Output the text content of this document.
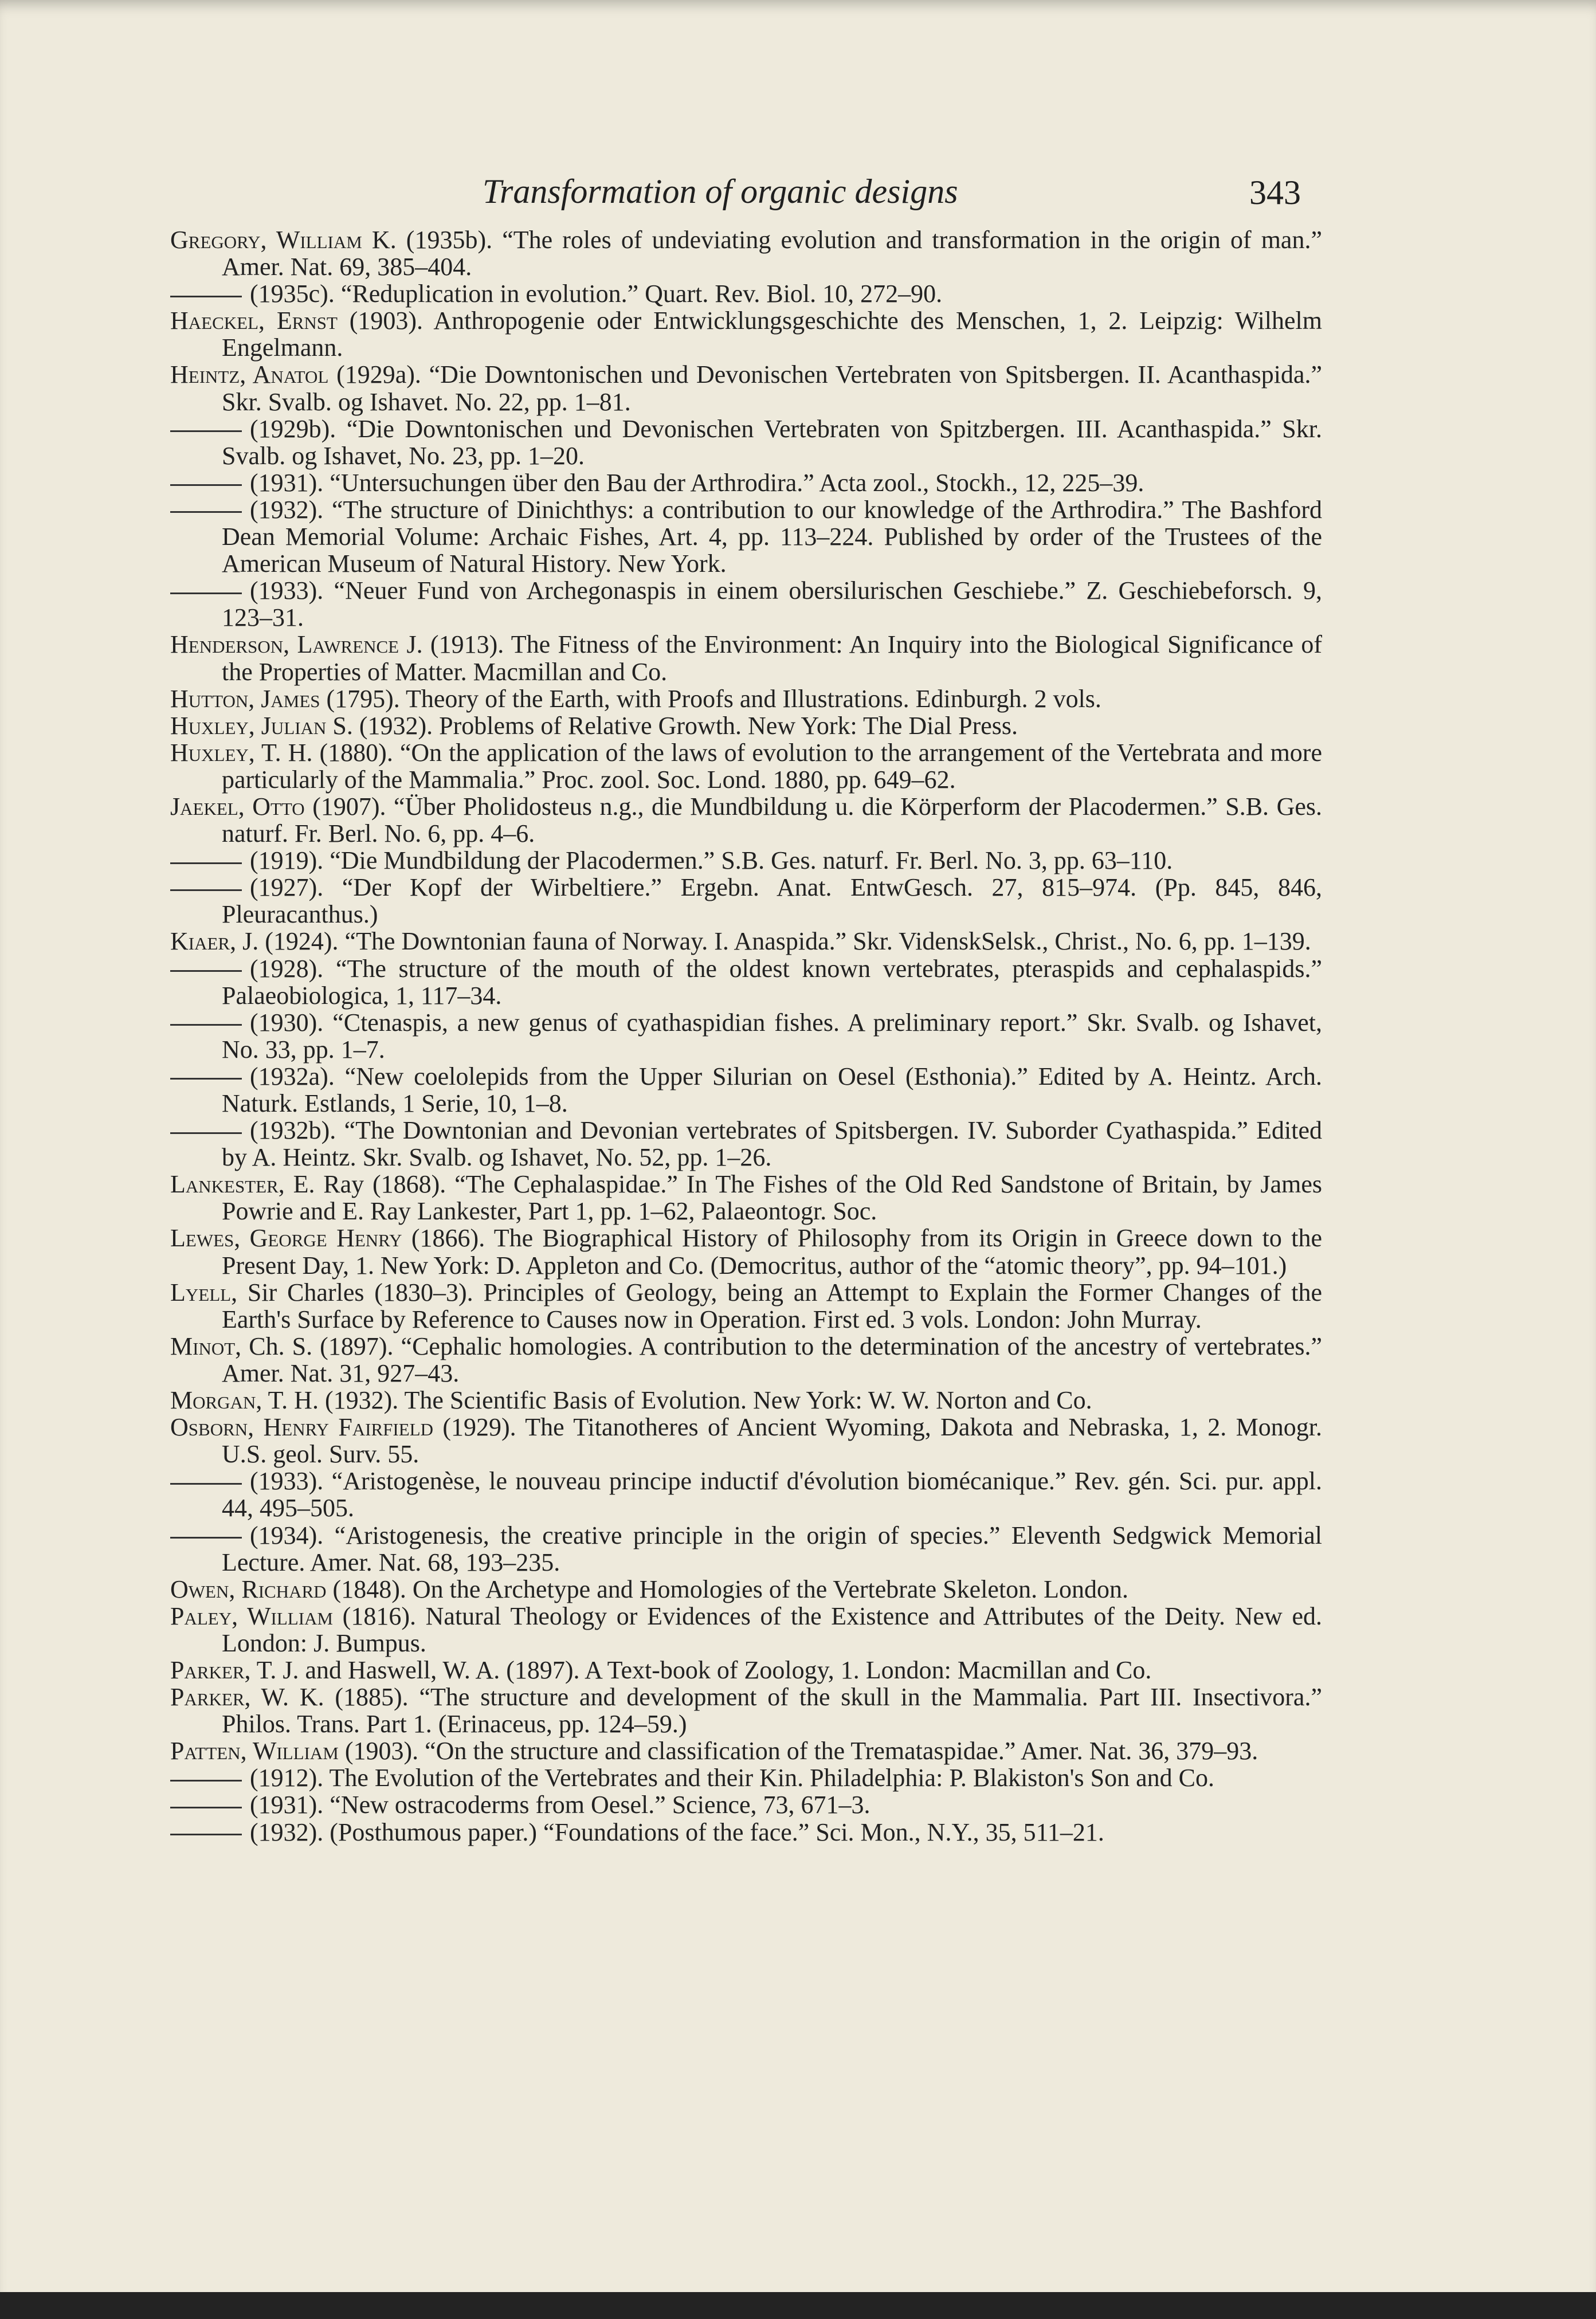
Transformation of organic designs	343

Gregory, William K. (1935b). “The roles of undeviating evolution and transformation in the origin of man.” Amer. Nat. 69, 385–404.

(1935c). “Reduplication in evolution.” Quart. Rev. Biol. 10, 272–90.

Haeckel, Ernst (1903). Anthropogenie oder Entwicklungsgeschichte des Menschen, 1, 2. Leipzig: Wilhelm Engelmann.

Heintz, Anatol (1929a). “Die Downtonischen und Devonischen Vertebraten von Spitsbergen. II. Acanthaspida.” Skr. Svalb. og Ishavet. No. 22, pp. 1–81.

(1929b). “Die Downtonischen und Devonischen Vertebraten von Spitzbergen. III. Acanthaspida.” Skr. Svalb. og Ishavet, No. 23, pp. 1–20.

(1931). “Untersuchungen über den Bau der Arthrodira.” Acta zool., Stockh., 12, 225–39.

(1932). “The structure of Dinichthys: a contribution to our knowledge of the Arthrodira.” The Bashford Dean Memorial Volume: Archaic Fishes, Art. 4, pp. 113–224. Published by order of the Trustees of the American Museum of Natural History. New York.

(1933). “Neuer Fund von Archegonaspis in einem obersilurischen Geschiebe.” Z. Geschiebeforsch. 9, 123–31.

Henderson, Lawrence J. (1913). The Fitness of the Environment: An Inquiry into the Biological Significance of the Properties of Matter. Macmillan and Co.

Hutton, James (1795). Theory of the Earth, with Proofs and Illustrations. Edinburgh. 2 vols.

Huxley, Julian S. (1932). Problems of Relative Growth. New York: The Dial Press.

Huxley, T. H. (1880). “On the application of the laws of evolution to the arrangement of the Vertebrata and more particularly of the Mammalia.” Proc. zool. Soc. Lond. 1880, pp. 649–62.

Jaekel, Otto (1907). “Über Pholidosteus n.g., die Mundbildung u. die Körperform der Placodermen.” S.B. Ges. naturf. Fr. Berl. No. 6, pp. 4–6.

(1919). “Die Mundbildung der Placodermen.” S.B. Ges. naturf. Fr. Berl. No. 3, pp. 63–110.

(1927). “Der Kopf der Wirbeltiere.” Ergebn. Anat. EntwGesch. 27, 815–974. (Pp. 845, 846, Pleuracanthus.)

Kiaer, J. (1924). “The Downtonian fauna of Norway. I. Anaspida.” Skr. VidenskSelsk., Christ., No. 6, pp. 1–139.

(1928). “The structure of the mouth of the oldest known vertebrates, pteraspids and cephalaspids.” Palaeobiologica, 1, 117–34.

(1930). “Ctenaspis, a new genus of cyathaspidian fishes. A preliminary report.” Skr. Svalb. og Ishavet, No. 33, pp. 1–7.

(1932a). “New coelolepids from the Upper Silurian on Oesel (Esthonia).” Edited by A. Heintz. Arch. Naturk. Estlands, 1 Serie, 10, 1–8.

(1932b). “The Downtonian and Devonian vertebrates of Spitsbergen. IV. Suborder Cyathaspida.” Edited by A. Heintz. Skr. Svalb. og Ishavet, No. 52, pp. 1–26.

Lankester, E. Ray (1868). “The Cephalaspidae.” In The Fishes of the Old Red Sandstone of Britain, by James Powrie and E. Ray Lankester, Part 1, pp. 1–62, Palaeontogr. Soc.

Lewes, George Henry (1866). The Biographical History of Philosophy from its Origin in Greece down to the Present Day, 1. New York: D. Appleton and Co. (Democritus, author of the “atomic theory”, pp. 94–101.)

Lyell, Sir Charles (1830–3). Principles of Geology, being an Attempt to Explain the Former Changes of the Earth's Surface by Reference to Causes now in Operation. First ed. 3 vols. London: John Murray.

Minot, Ch. S. (1897). “Cephalic homologies. A contribution to the determination of the ancestry of vertebrates.” Amer. Nat. 31, 927–43.

Morgan, T. H. (1932). The Scientific Basis of Evolution. New York: W. W. Norton and Co.

Osborn, Henry Fairfield (1929). The Titanotheres of Ancient Wyoming, Dakota and Nebraska, 1, 2. Monogr. U.S. geol. Surv. 55.

(1933). “Aristogenèse, le nouveau principe inductif d'évolution biomécanique.” Rev. gén. Sci. pur. appl. 44, 495–505.

(1934). “Aristogenesis, the creative principle in the origin of species.” Eleventh Sedgwick Memorial Lecture. Amer. Nat. 68, 193–235.

Owen, Richard (1848). On the Archetype and Homologies of the Vertebrate Skeleton. London.

Paley, William (1816). Natural Theology or Evidences of the Existence and Attributes of the Deity. New ed. London: J. Bumpus.

Parker, T. J. and Haswell, W. A. (1897). A Text-book of Zoology, 1. London: Macmillan and Co.

Parker, W. K. (1885). “The structure and development of the skull in the Mammalia. Part III. Insectivora.” Philos. Trans. Part 1. (Erinaceus, pp. 124–59.)

Patten, William (1903). “On the structure and classification of the Tremataspidae.” Amer. Nat. 36, 379–93.

(1912). The Evolution of the Vertebrates and their Kin. Philadelphia: P. Blakiston's Son and Co.

(1931). “New ostracoderms from Oesel.” Science, 73, 671–3.

(1932). (Posthumous paper.) “Foundations of the face.” Sci. Mon., N.Y., 35, 511–21.
